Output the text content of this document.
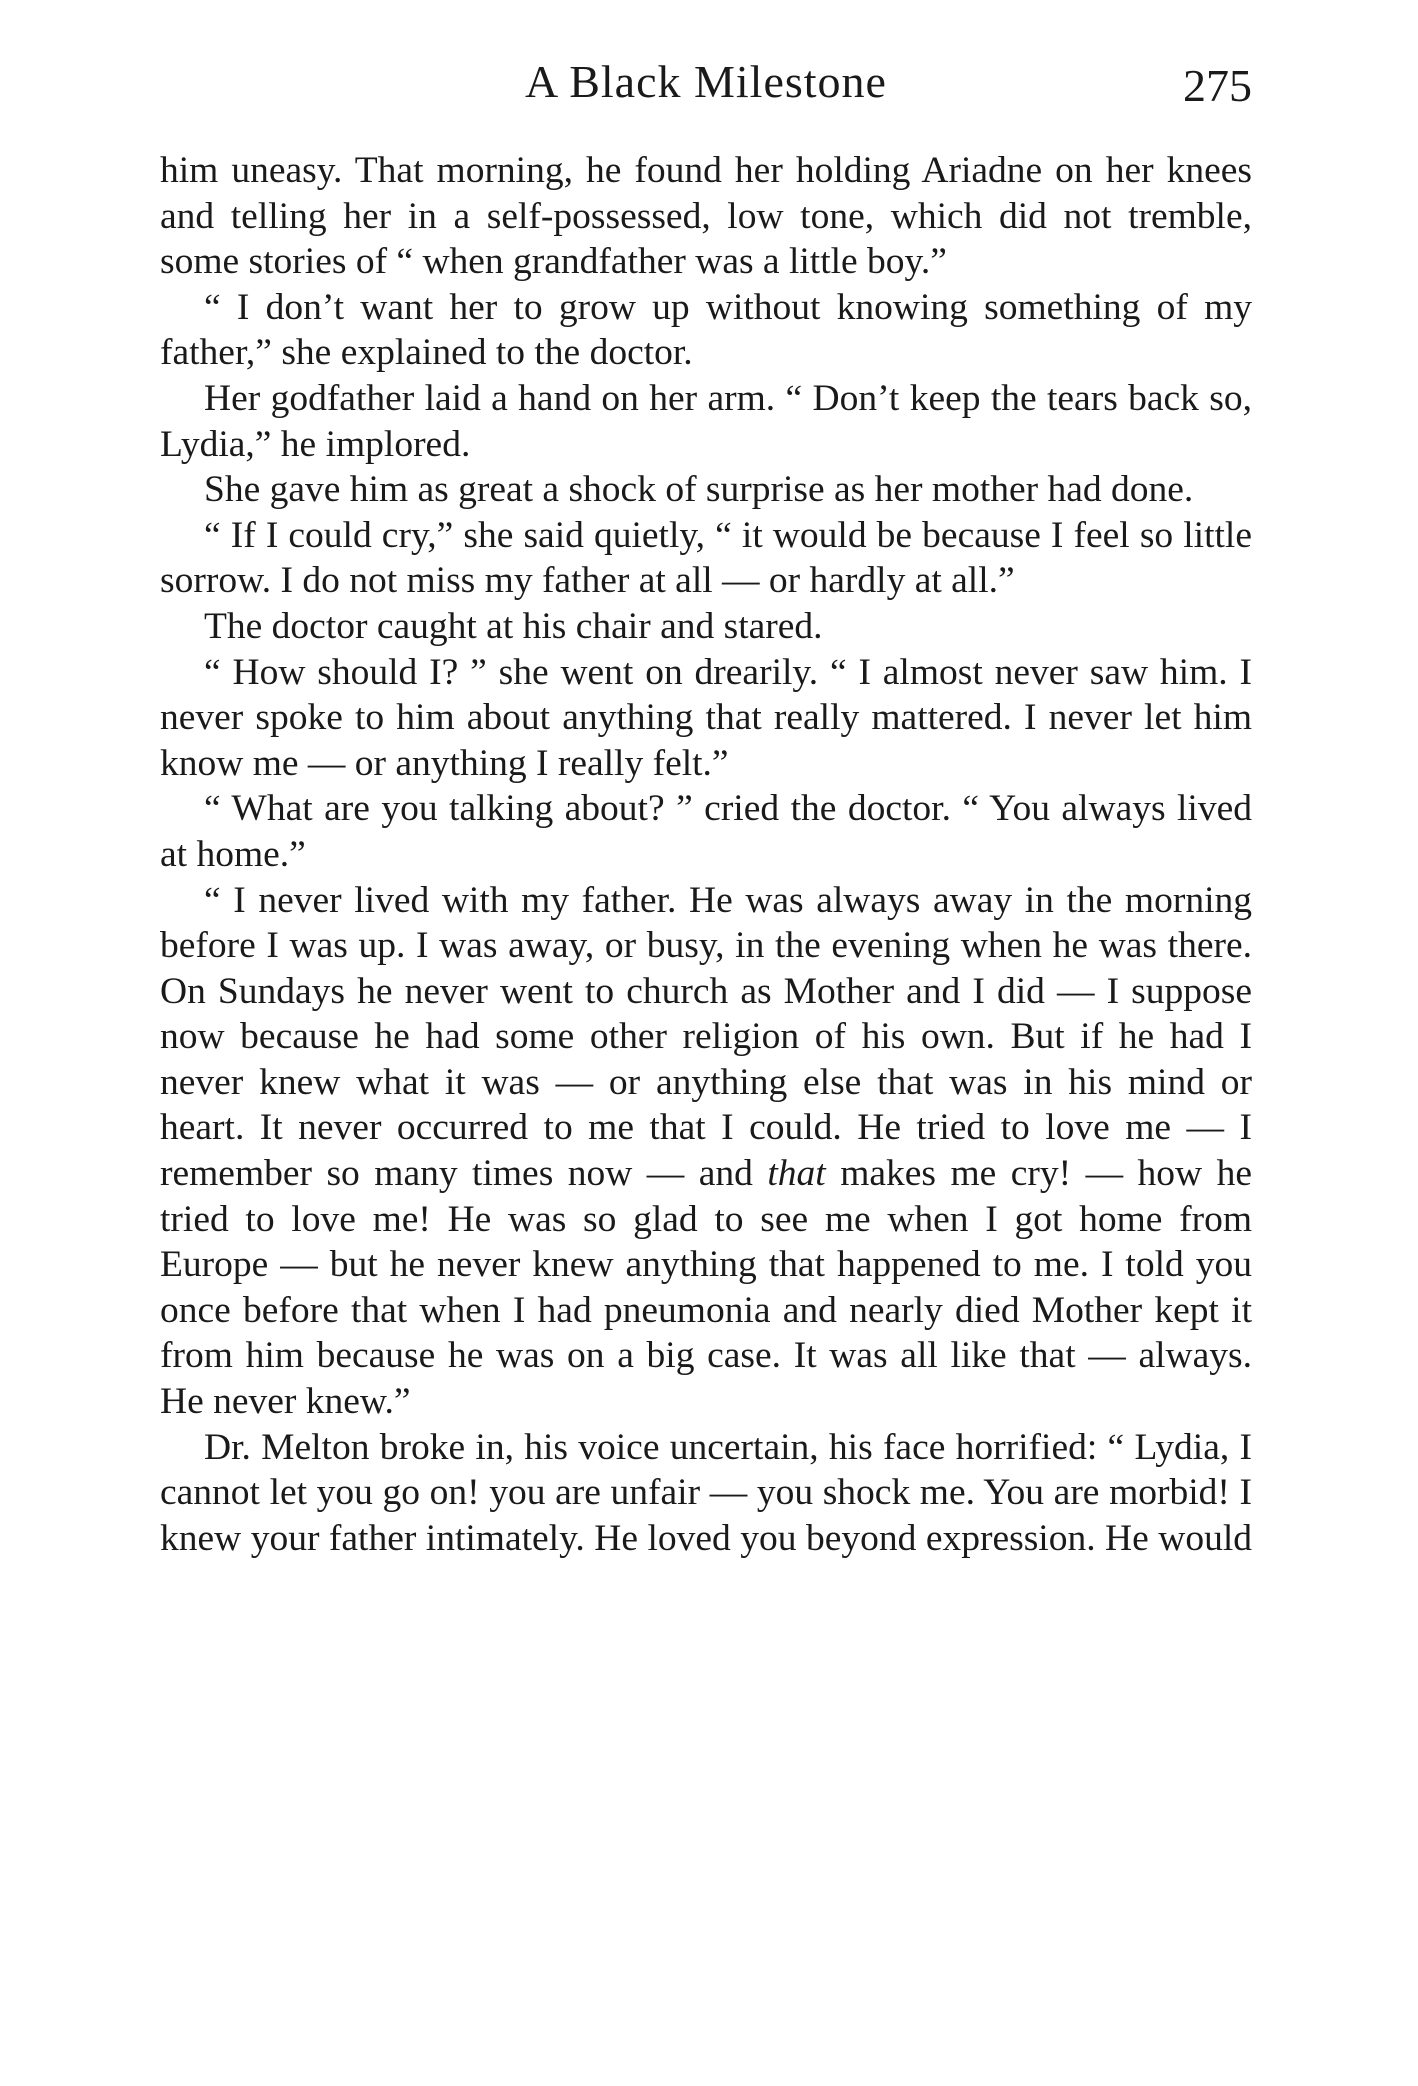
A Black Milestone	275

him uneasy. That morning, he found her holding Ariadne on her knees and telling her in a self-possessed, low tone, which did not tremble, some stories of “ when grandfather was a little boy.”

“ I don’t want her to grow up without knowing something of my father,” she explained to the doctor.

Her godfather laid a hand on her arm. “ Don’t keep the tears back so, Lydia,” he implored.

She gave him as great a shock of surprise as her mother had done.

“ If I could cry,” she said quietly, “ it would be because I feel so little sorrow. I do not miss my father at all — or hardly at all.”

The doctor caught at his chair and stared.

“ How should I? ” she went on drearily. “ I almost never saw him. I never spoke to him about anything that really mattered. I never let him know me — or anything I really felt.”

“ What are you talking about? ” cried the doctor. “ You always lived at home.”

“ I never lived with my father. He was always away in the morning before I was up. I was away, or busy, in the evening when he was there. On Sundays he never went to church as Mother and I did — I suppose now because he had some other religion of his own. But if he had I never knew what it was — or anything else that was in his mind or heart. It never occurred to me that I could. He tried to love me — I remember so many times now — and that makes me cry! — how he tried to love me! He was so glad to see me when I got home from Europe — but he never knew anything that happened to me. I told you once before that when I had pneumonia and nearly died Mother kept it from him because he was on a big case. It was all like that — always. He never knew.”

Dr. Melton broke in, his voice uncertain, his face horrified: “ Lydia, I cannot let you go on! you are unfair — you shock me. You are morbid! I knew your father intimately. He loved you beyond expression. He would
